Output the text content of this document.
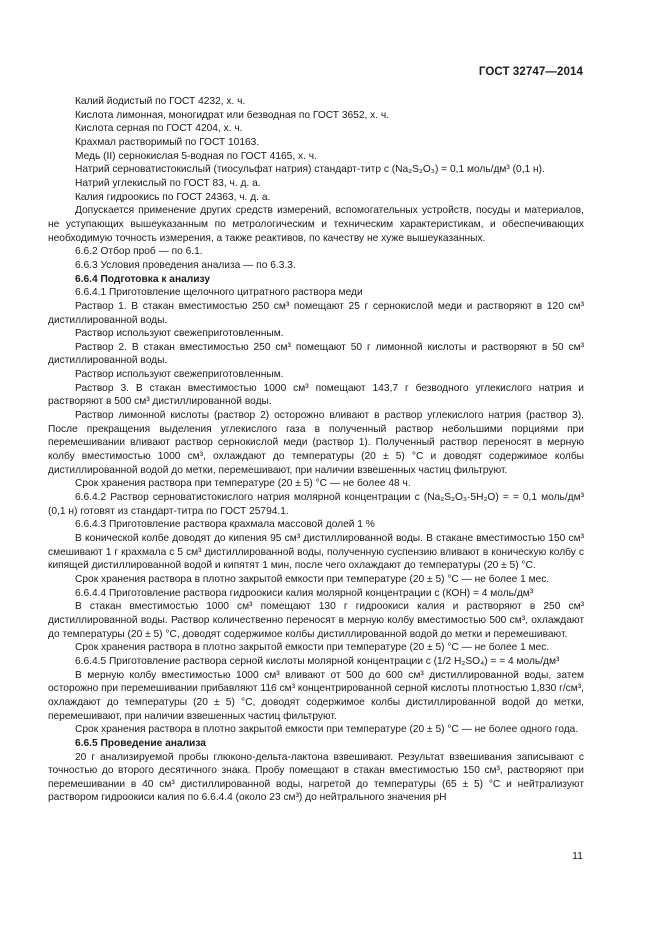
ГОСТ 32747—2014

Калий йодистый по ГОСТ 4232, х. ч.

Кислота лимонная, моногидрат или безводная по ГОСТ 3652, х. ч.

Кислота серная по ГОСТ 4204, х. ч.

Крахмал растворимый по ГОСТ 10163.

Медь (II) сернокислая 5-водная по ГОСТ 4165, х. ч.

Натрий серноватистокислый (тиосульфат натрия) стандарт-титр с (Na₂S₂O₃) = 0,1 моль/дм³ (0,1 н).

Натрий углекислый по ГОСТ 83, ч. д. а.

Калия гидроокись по ГОСТ 24363, ч. д. а.

Допускается применение других средств измерений, вспомогательных устройств, посуды и материалов, не уступающих вышеуказанным по метрологическим и техническим характеристикам, и обеспечивающих необходимую точность измерения, а также реактивов, по качеству не хуже вышеуказанных.

6.6.2 Отбор проб — по 6.1.

6.6.3 Условия проведения анализа — по 6.3.3.

6.6.4 Подготовка к анализу

6.6.4.1 Приготовление щелочного цитратного раствора меди

Раствор 1. В стакан вместимостью 250 см³ помещают 25 г сернокислой меди и растворяют в 120 см³ дистиллированной воды.

Раствор используют свежеприготовленным.

Раствор 2. В стакан вместимостью 250 см³ помещают 50 г лимонной кислоты и растворяют в 50 см³ дистиллированной воды.

Раствор используют свежеприготовленным.

Раствор 3. В стакан вместимостью 1000 см³ помещают 143,7 г безводного углекислого натрия и растворяют в 500 см³ дистиллированной воды.

Раствор лимонной кислоты (раствор 2) осторожно вливают в раствор углекислого натрия (раствор 3). После прекращения выделения углекислого газа в полученный раствор небольшими порциями при перемешивании вливают раствор сернокислой меди (раствор 1). Полученный раствор переносят в мерную колбу вместимостью 1000 см³, охлаждают до температуры (20 ± 5) °С и доводят содержимое колбы дистиллированной водой до метки, перемешивают, при наличии взвешенных частиц фильтруют.

Срок хранения раствора при температуре (20 ± 5) °С — не более 48 ч.

6.6.4.2 Раствор серноватистокислого натрия молярной концентрации с (Na₂S₂O₃·5H₂O) = = 0,1 моль/дм³ (0,1 н) готовят из стандарт-титра по ГОСТ 25794.1.

6.6.4.3 Приготовление раствора крахмала массовой долей 1 %

В конической колбе доводят до кипения 95 см³ дистиллированной воды. В стакане вместимостью 150 см³ смешивают 1 г крахмала с 5 см³ дистиллированной воды, полученную суспензию вливают в коническую колбу с кипящей дистиллированной водой и кипятят 1 мин, после чего охлаждают до температуры (20 ± 5) °С.

Срок хранения раствора в плотно закрытой емкости при температуре (20 ± 5) °С — не более 1 мес.

6.6.4.4 Приготовление раствора гидроокиси калия молярной концентрации с (КОН) = 4 моль/дм³

В стакан вместимостью 1000 см³ помещают 130 г гидроокиси калия и растворяют в 250 см³ дистиллированной воды. Раствор количественно переносят в мерную колбу вместимостью 500 см³, охлаждают до температуры (20 ± 5) °С, доводят содержимое колбы дистиллированной водой до метки и перемешивают.

Срок хранения раствора в плотно закрытой емкости при температуре (20 ± 5) °С — не более 1 мес.

6.6.4.5 Приготовление раствора серной кислоты молярной концентрации с (1/2 H₂SO₄) = = 4 моль/дм³

В мерную колбу вместимостью 1000 см³ вливают от 500 до 600 см³ дистиллированной воды, затем осторожно при перемешивании прибавляют 116 см³ концентрированной серной кислоты плотностью 1,830 г/см³, охлаждают до температуры (20 ± 5) °С, доводят содержимое колбы дистиллированной водой до метки, перемешивают, при наличии взвешенных частиц фильтруют.

Срок хранения раствора в плотно закрытой емкости при температуре (20 ± 5) °С — не более одного года.

6.6.5 Проведение анализа

20 г анализируемой пробы глюконо-дельта-лактона взвешивают. Результат взвешивания записывают с точностью до второго десятичного знака. Пробу помещают в стакан вместимостью 150 см³, растворяют при перемешивании в 40 см³ дистиллированной воды, нагретой до температуры (65 ± 5) °С и нейтрализуют раствором гидроокиси калия по 6.6.4.4 (около 23 см³) до нейтрального значения pH

11
